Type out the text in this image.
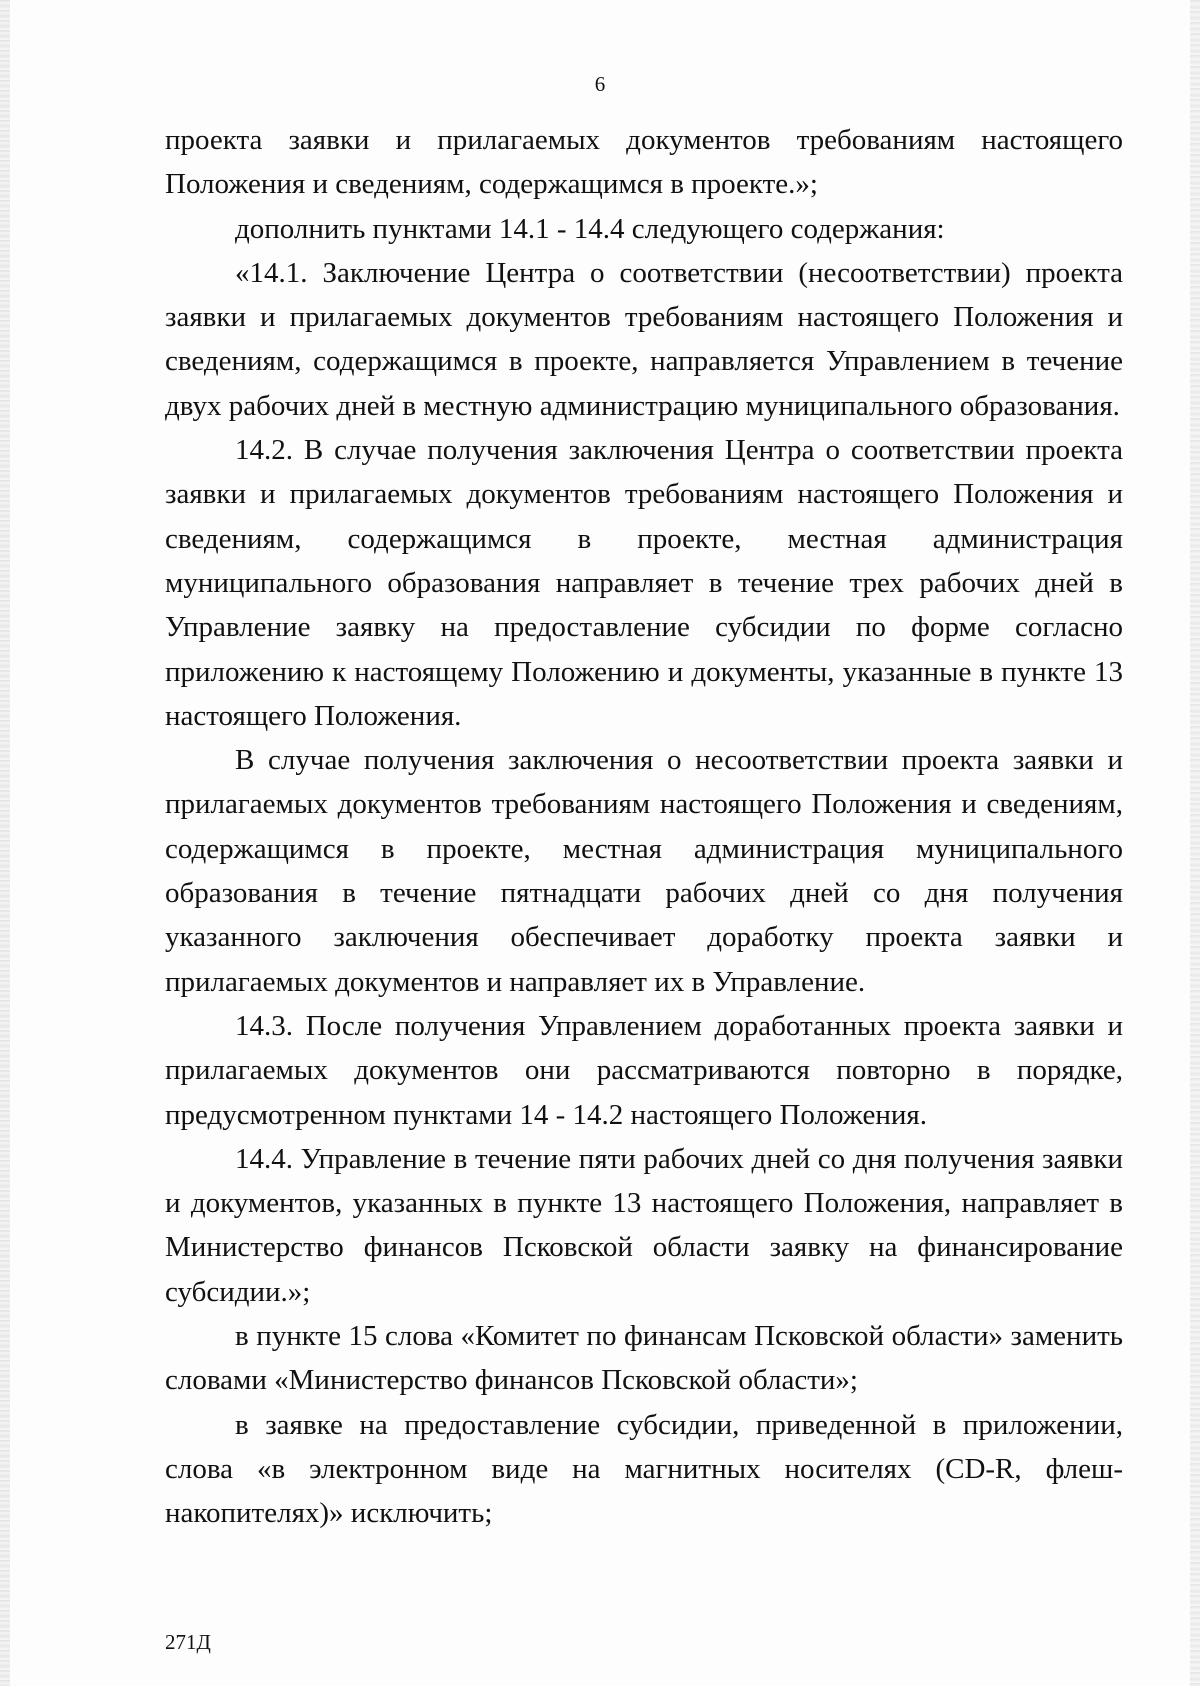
6

проекта заявки и прилагаемых документов требованиям настоящего Положения и сведениям, содержащимся в проекте.»;

дополнить пунктами 14.1 - 14.4 следующего содержания:

«14.1. Заключение Центра о соответствии (несоответствии) проекта заявки и прилагаемых документов требованиям настоящего Положения и сведениям, содержащимся в проекте, направляется Управлением в течение двух рабочих дней в местную администрацию муниципального образования.

14.2. В случае получения заключения Центра о соответствии проекта заявки и прилагаемых документов требованиям настоящего Положения и сведениям, содержащимся в проекте, местная администрация муниципального образования направляет в течение трех рабочих дней в Управление заявку на предоставление субсидии по форме согласно приложению к настоящему Положению и документы, указанные в пункте 13 настоящего Положения.

В случае получения заключения о несоответствии проекта заявки и прилагаемых документов требованиям настоящего Положения и сведениям, содержащимся в проекте, местная администрация муниципального образования в течение пятнадцати рабочих дней со дня получения указанного заключения обеспечивает доработку проекта заявки и прилагаемых документов и направляет их в Управление.

14.3. После получения Управлением доработанных проекта заявки и прилагаемых документов они рассматриваются повторно в порядке, предусмотренном пунктами 14 - 14.2 настоящего Положения.

14.4. Управление в течение пяти рабочих дней со дня получения заявки и документов, указанных в пункте 13 настоящего Положения, направляет в Министерство финансов Псковской области заявку на финансирование субсидии.»;

в пункте 15 слова «Комитет по финансам Псковской области» заменить словами «Министерство финансов Псковской области»;

в заявке на предоставление субсидии, приведенной в приложении, слова «в электронном виде на магнитных носителях (CD-R, флеш-накопителях)» исключить;

271Д
